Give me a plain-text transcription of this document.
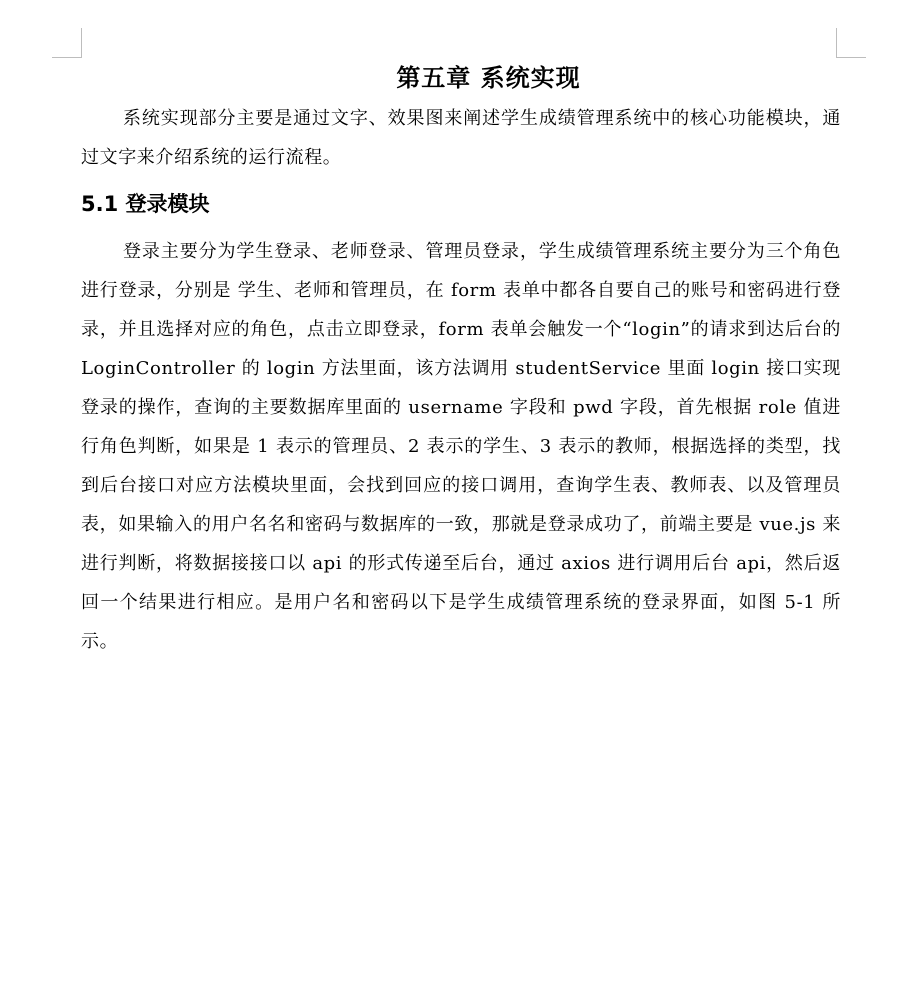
第五章 系统实现

系统实现部分主要是通过文字、效果图来阐述学生成绩管理系统中的核心功能模块，通过文字来介绍系统的运行流程。

5.1 登录模块

登录主要分为学生登录、老师登录、管理员登录，学生成绩管理系统主要分为三个角色进行登录，分别是 学生、老师和管理员，在 form 表单中都各自要自己的账号和密码进行登录，并且选择对应的角色，点击立即登录，form 表单会触发一个“login”的请求到达后台的 LoginController 的 login 方法里面，该方法调用 studentService 里面 login 接口实现登录的操作，查询的主要数据库里面的 username 字段和 pwd 字段，首先根据 role 值进行角色判断，如果是 1 表示的管理员、2 表示的学生、3 表示的教师，根据选择的类型，找到后台接口对应方法模块里面，会找到回应的接口调用，查询学生表、教师表、以及管理员表，如果输入的用户名名和密码与数据库的一致，那就是登录成功了，前端主要是 vue.js 来进行判断，将数据接接口以 api 的形式传递至后台，通过 axios 进行调用后台 api，然后返回一个结果进行相应。是用户名和密码以下是学生成绩管理系统的登录界面，如图 5-1 所示。
